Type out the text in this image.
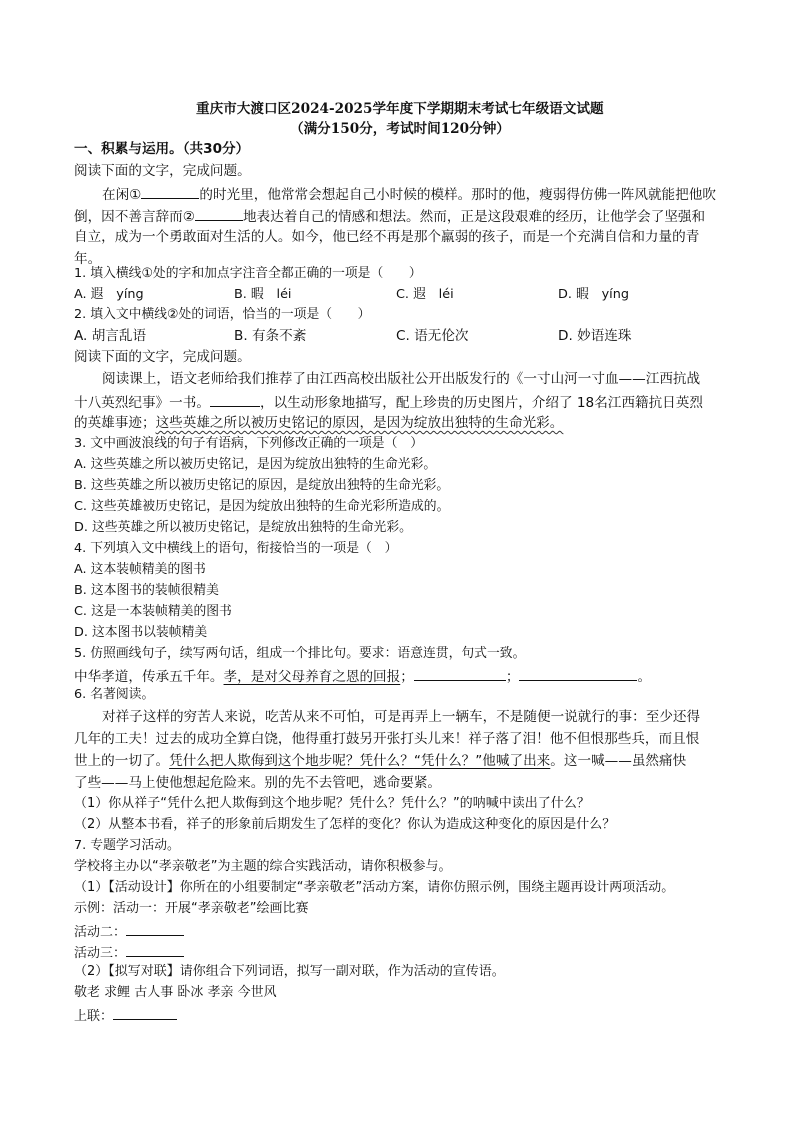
重庆市大渡口区2024-2025学年度下学期期末考试七年级语文试题
（满分150分，考试时间120分钟）
一、积累与运用。（共30分）
阅读下面的文字，完成问题。
在闲①	的时光里，他常常会想起自己小时候的模样。那时的他，瘦弱得仿佛一阵风就能把他吹
倒，因不善言辞而②	地表达着自己的情感和想法。然而，正是这段艰难的经历，让他学会了坚强和
自立，成为一个勇敢面对生活的人。如今，他已经不再是那个羸弱的孩子，而是一个充满自信和力量的青
年。
1. 填入横线①处的字和加点字注音全都正确的一项是（　　）
A. 遐　yíng	B. 暇　léi	C. 遐　léi	D. 暇　yíng
2. 填入文中横线②处的词语，恰当的一项是（　　）
A. 胡言乱语	B. 有条不紊	C. 语无伦次	D. 妙语连珠
阅读下面的文字，完成问题。
阅读课上，语文老师给我们推荐了由江西高校出版社公开出版发行的《一寸山河一寸血——江西抗战
十八英烈纪事》一书。	，以生动形象地描写，配上珍贵的历史图片，介绍了 18名江西籍抗日英烈
的英雄事迹；这些英雄之所以被历史铭记的原因，是因为绽放出独特的生命光彩。
3. 文中画波浪线的句子有语病，下列修改正确的一项是（　）
A. 这些英雄之所以被历史铭记，是因为绽放出独特的生命光彩。
B. 这些英雄之所以被历史铭记的原因，是绽放出独特的生命光彩。
C. 这些英雄被历史铭记，是因为绽放出独特的生命光彩所造成的。
D. 这些英雄之所以被历史铭记，是绽放出独特的生命光彩。
4. 下列填入文中横线上的语句，衔接恰当的一项是（　）
A. 这本装帧精美的图书
B. 这本图书的装帧很精美
C. 这是一本装帧精美的图书
D. 这本图书以装帧精美
5. 仿照画线句子，续写两句话，组成一个排比句。要求：语意连贯，句式一致。
中华孝道，传承五千年。孝，是对父母养育之恩的回报；	；	。
6. 名著阅读。
对祥子这样的穷苦人来说，吃苦从来不可怕，可是再弄上一辆车，不是随便一说就行的事：至少还得
几年的工夫！过去的成功全算白饶，他得重打鼓另开张打头儿来！祥子落了泪！他不但恨那些兵，而且恨
世上的一切了。凭什么把人欺侮到这个地步呢？凭什么？“凭什么？”他喊了出来。这一喊——虽然痛快
了些——马上使他想起危险来。别的先不去管吧，逃命要紧。
（1）你从祥子“凭什么把人欺侮到这个地步呢？凭什么？凭什么？”的呐喊中读出了什么？
（2）从整本书看，祥子的形象前后期发生了怎样的变化？你认为造成这种变化的原因是什么？
7. 专题学习活动。
学校将主办以“孝亲敬老”为主题的综合实践活动，请你积极参与。
（1）【活动设计】你所在的小组要制定“孝亲敬老”活动方案，请你仿照示例，围绕主题再设计两项活动。
示例：活动一：开展“孝亲敬老”绘画比赛
活动二：
活动三：
（2）【拟写对联】请你组合下列词语，拟写一副对联，作为活动的宣传语。
敬老 求鲤 古人事 卧冰 孝亲 今世风
上联：
